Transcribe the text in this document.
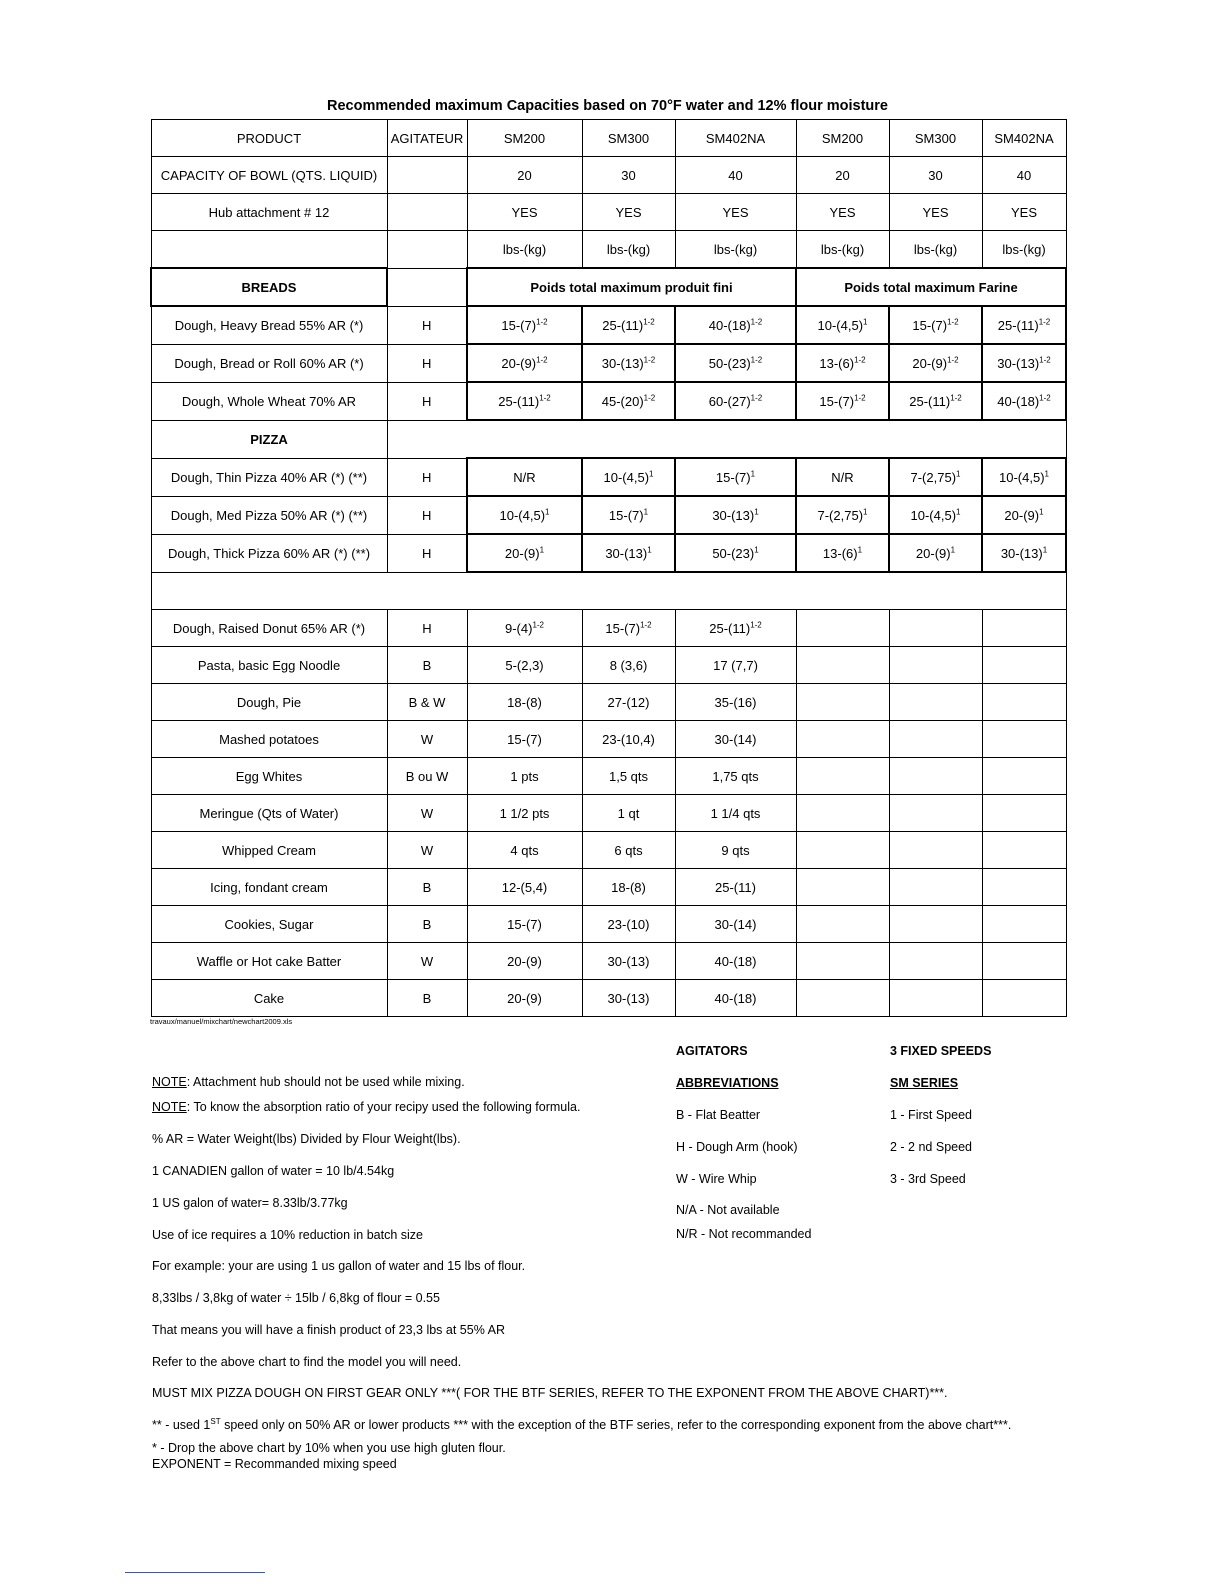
Recommended maximum Capacities based on 70°F water and 12% flour moisture
PRODUCT	AGITATEUR	SM200	SM300	SM402NA	SM200	SM300	SM402NA
CAPACITY OF BOWL (QTS. LIQUID)		20	30	40	20	30	40
Hub attachment # 12		YES	YES	YES	YES	YES	YES
		lbs-(kg)	lbs-(kg)	lbs-(kg)	lbs-(kg)	lbs-(kg)	lbs-(kg)
BREADS		Poids total maximum produit fini			Poids total maximum Farine		
Dough, Heavy Bread 55% AR (*)	H	$15-(7)^{1-2}$	$25-(11)^{1-2}$	$40-(18)^{1-2}$	$10-(4,5)^1$	$15-(7)^{1-2}$	$25-(11)^{1-2}$
Dough, Bread or Roll 60% AR (*)	H	$20-(9)^{1-2}$	$30-(13)^{1-2}$	$50-(23)^{1-2}$	$13-(6)^{1-2}$	$20-(9)^{1-2}$	$30-(13)^{1-2}$
Dough, Whole Wheat 70% AR	H	$25-(11)^{1-2}$	$45-(20)^{1-2}$	$60-(27)^{1-2}$	$15-(7)^{1-2}$	$25-(11)^{1-2}$	$40-(18)^{1-2}$
PIZZA							
Dough, Thin Pizza 40% AR (*) (**)	H	N/R	$10-(4,5)^1$	$15-(7)^1$	N/R	$7-(2,75)^1$	$10-(4,5)^1$
Dough, Med Pizza 50% AR (*) (**)	H	$10-(4,5)^1$	$15-(7)^1$	$30-(13)^1$	$7-(2,75)^1$	$10-(4,5)^1$	$20-(9)^1$
Dough, Thick Pizza 60% AR (*) (**)	H	$20-(9)^1$	$30-(13)^1$	$50-(23)^1$	$13-(6)^1$	$20-(9)^1$	$30-(13)^1$

Dough, Raised Donut 65% AR (*)	H	$9-(4)^{1-2}$	$15-(7)^{1-2}$	$25-(11)^{1-2}$			
Pasta, basic Egg Noodle	B	5-(2,3)	8 (3,6)	17 (7,7)			
Dough, Pie	B & W	18-(8)	27-(12)	35-(16)			
Mashed potatoes	W	15-(7)	23-(10,4)	30-(14)			
Egg Whites	B ou W	1 pts	1,5 qts	1,75 qts			
Meringue (Qts of Water)	W	1 1/2 pts	1 qt	1 1/4 qts			
Whipped Cream	W	4 qts	6 qts	9 qts			
Icing, fondant cream	B	12-(5,4)	18-(8)	25-(11)			
Cookies, Sugar	B	15-(7)	23-(10)	30-(14)			
Waffle or Hot cake Batter	W	20-(9)	30-(13)	40-(18)			
Cake	B	20-(9)	30-(13)	40-(18)			
travaux/manuel/mixchart/newchart2009.xls
NOTE: Attachment hub should not be used while mixing.
NOTE: To know the absorption ratio of your recipy used the following formula.
% AR = Water Weight(lbs) Divided by Flour Weight(lbs).
1 CANADIEN gallon of water = 10 lb/4.54kg
1 US galon of water= 8.33lb/3.77kg
Use of ice requires a 10% reduction in batch size
For example: your are using 1 us gallon of water and 15 lbs of flour.
8,33lbs / 3,8kg of water ÷ 15lb / 6,8kg of flour = 0.55
That means you will have a finish product of 23,3 lbs at 55% AR
Refer to the above chart to find the model you will need.
MUST MIX PIZZA DOUGH ON FIRST GEAR ONLY ***( FOR THE BTF SERIES, REFER TO THE EXPONENT FROM THE ABOVE CHART)***.
** - used 1ST speed only on 50% AR or lower products *** with the exception of the BTF series, refer to the corresponding exponent from the above chart***.
* - Drop the above chart by 10% when you use high gluten flour.
EXPONENT = Recommanded mixing speed
AGITATORS
ABBREVIATIONS
B - Flat Beatter
H - Dough Arm (hook)
W - Wire Whip
N/A - Not available
N/R - Not recommanded
3 FIXED SPEEDS
SM SERIES
1 - First Speed
2 - 2 nd Speed
3 - 3rd Speed
